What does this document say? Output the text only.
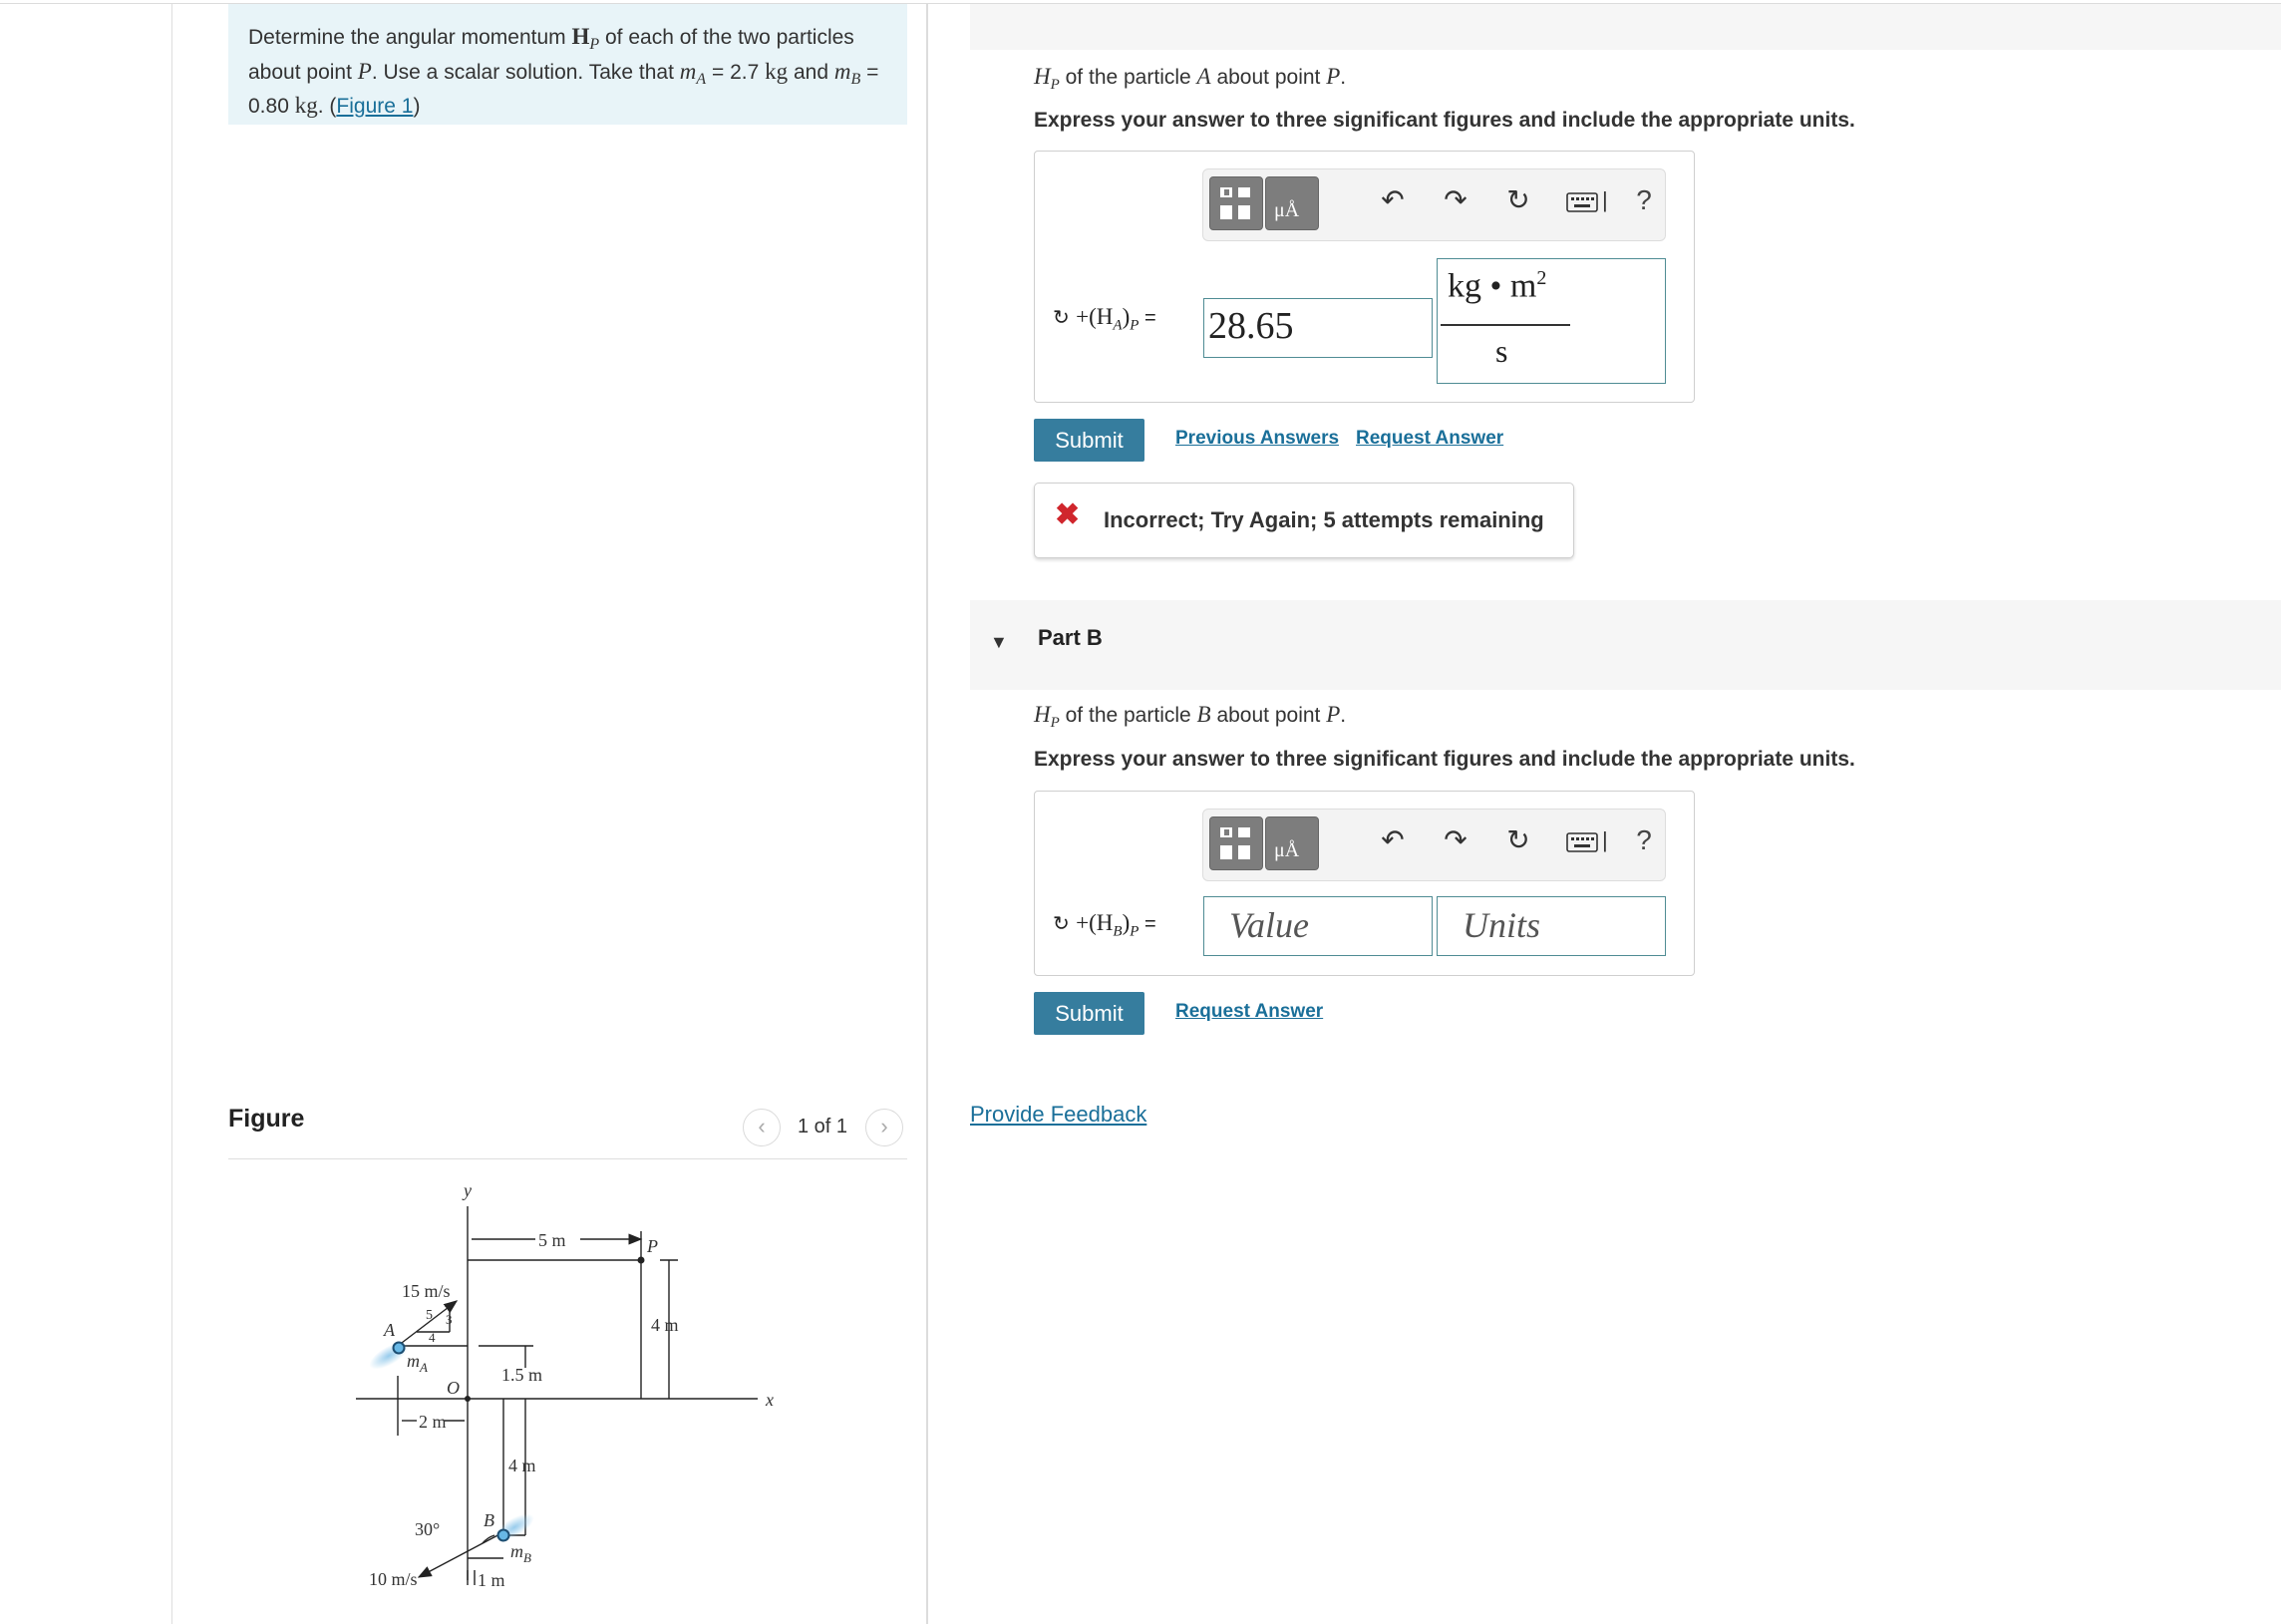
Determine the angular momentum $H_P$ of each of the two particles about point P. Use a scalar solution. Take that $m_A = 2.7$ kg and $m_B = 0.80$ kg. (Figure 1)
Figure	‹	1 of 1	›
y
x
5 m	P
4 m
15 m/s
5 3
4
A
$m_A$
O
1.5 m
2 m
4 m
30° B
$m_B$
10 m/s	1 m
$H_P$ of the particle A about point P.
Express your answer to three significant figures and include the appropriate units.
μÅ	↶ ↷ ↻	|	?
↻ $+(H_A)_P = 28.65$
kg • $m^2$
s
Submit	Previous Answers Request Answer
✖ Incorrect; Try Again; 5 attempts remaining
▼ Part B
$H_P$ of the particle B about point P.
Express your answer to three significant figures and include the appropriate units.
μÅ	↶ ↷ ↻	|	?
↻ $+(H_B)_P$ = Value	Units
Submit	Request Answer
Provide Feedback
